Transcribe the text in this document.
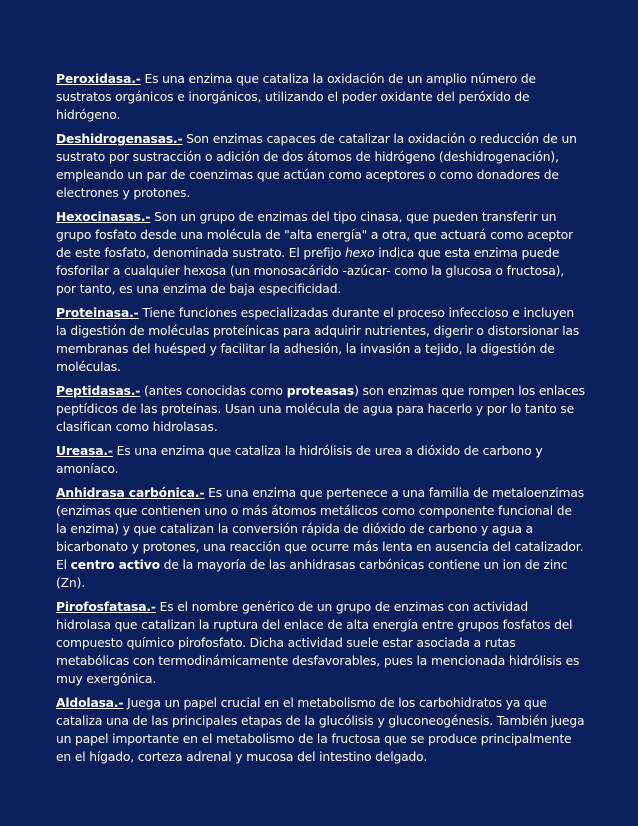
Peroxidasa.- Es una enzima que cataliza la oxidación de un amplio número de sustratos orgánicos e inorgánicos, utilizando el poder oxidante del peróxido de hidrógeno.

Deshidrogenasas.- Son enzimas capaces de catalizar la oxidación o reducción de un sustrato por sustracción o adición de dos átomos de hidrógeno (deshidrogenación), empleando un par de coenzimas que actúan como aceptores o como donadores de electrones y protones.

Hexocinasas.- Son un grupo de enzimas del tipo cinasa, que pueden transferir un grupo fosfato desde una molécula de "alta energía" a otra, que actuará como aceptor de este fosfato, denominada sustrato. El prefijo hexo indica que esta enzima puede fosforilar a cualquier hexosa (un monosacárido -azúcar- como la glucosa o fructosa), por tanto, es una enzima de baja especificidad.

Proteinasa.- Tiene funciones especializadas durante el proceso infeccioso e incluyen la digestión de moléculas proteínicas para adquirir nutrientes, digerir o distorsionar las membranas del huésped y facilitar la adhesión, la invasión a tejido, la digestión de moléculas.

Peptidasas.- (antes conocidas como proteasas) son enzimas que rompen los enlaces peptídicos de las proteínas. Usan una molécula de agua para hacerlo y por lo tanto se clasifican como hidrolasas.

Ureasa.- Es una enzima que cataliza la hidrólisis de urea a dióxido de carbono y amoníaco.

Anhidrasa carbónica.- Es una enzima que pertenece a una familia de metaloenzimas (enzimas que contienen uno o más átomos metálicos como componente funcional de la enzima) y que catalizan la conversión rápida de dióxido de carbono y agua a bicarbonato y protones, una reacción que ocurre más lenta en ausencia del catalizador. El centro activo de la mayoría de las anhidrasas carbónicas contiene un ion de zinc (Zn).

Pirofosfatasa.- Es el nombre genérico de un grupo de enzimas con actividad hidrolasa que catalizan la ruptura del enlace de alta energía entre grupos fosfatos del compuesto químico pirofosfato. Dicha actividad suele estar asociada a rutas metabólicas con termodinámicamente desfavorables, pues la mencionada hidrólisis es muy exergónica.

Aldolasa.- Juega un papel crucial en el metabolismo de los carbohidratos ya que cataliza una de las principales etapas de la glucólisis y gluconeogénesis. También juega un papel importante en el metabolismo de la fructosa que se produce principalmente en el hígado, corteza adrenal y mucosa del intestino delgado.
